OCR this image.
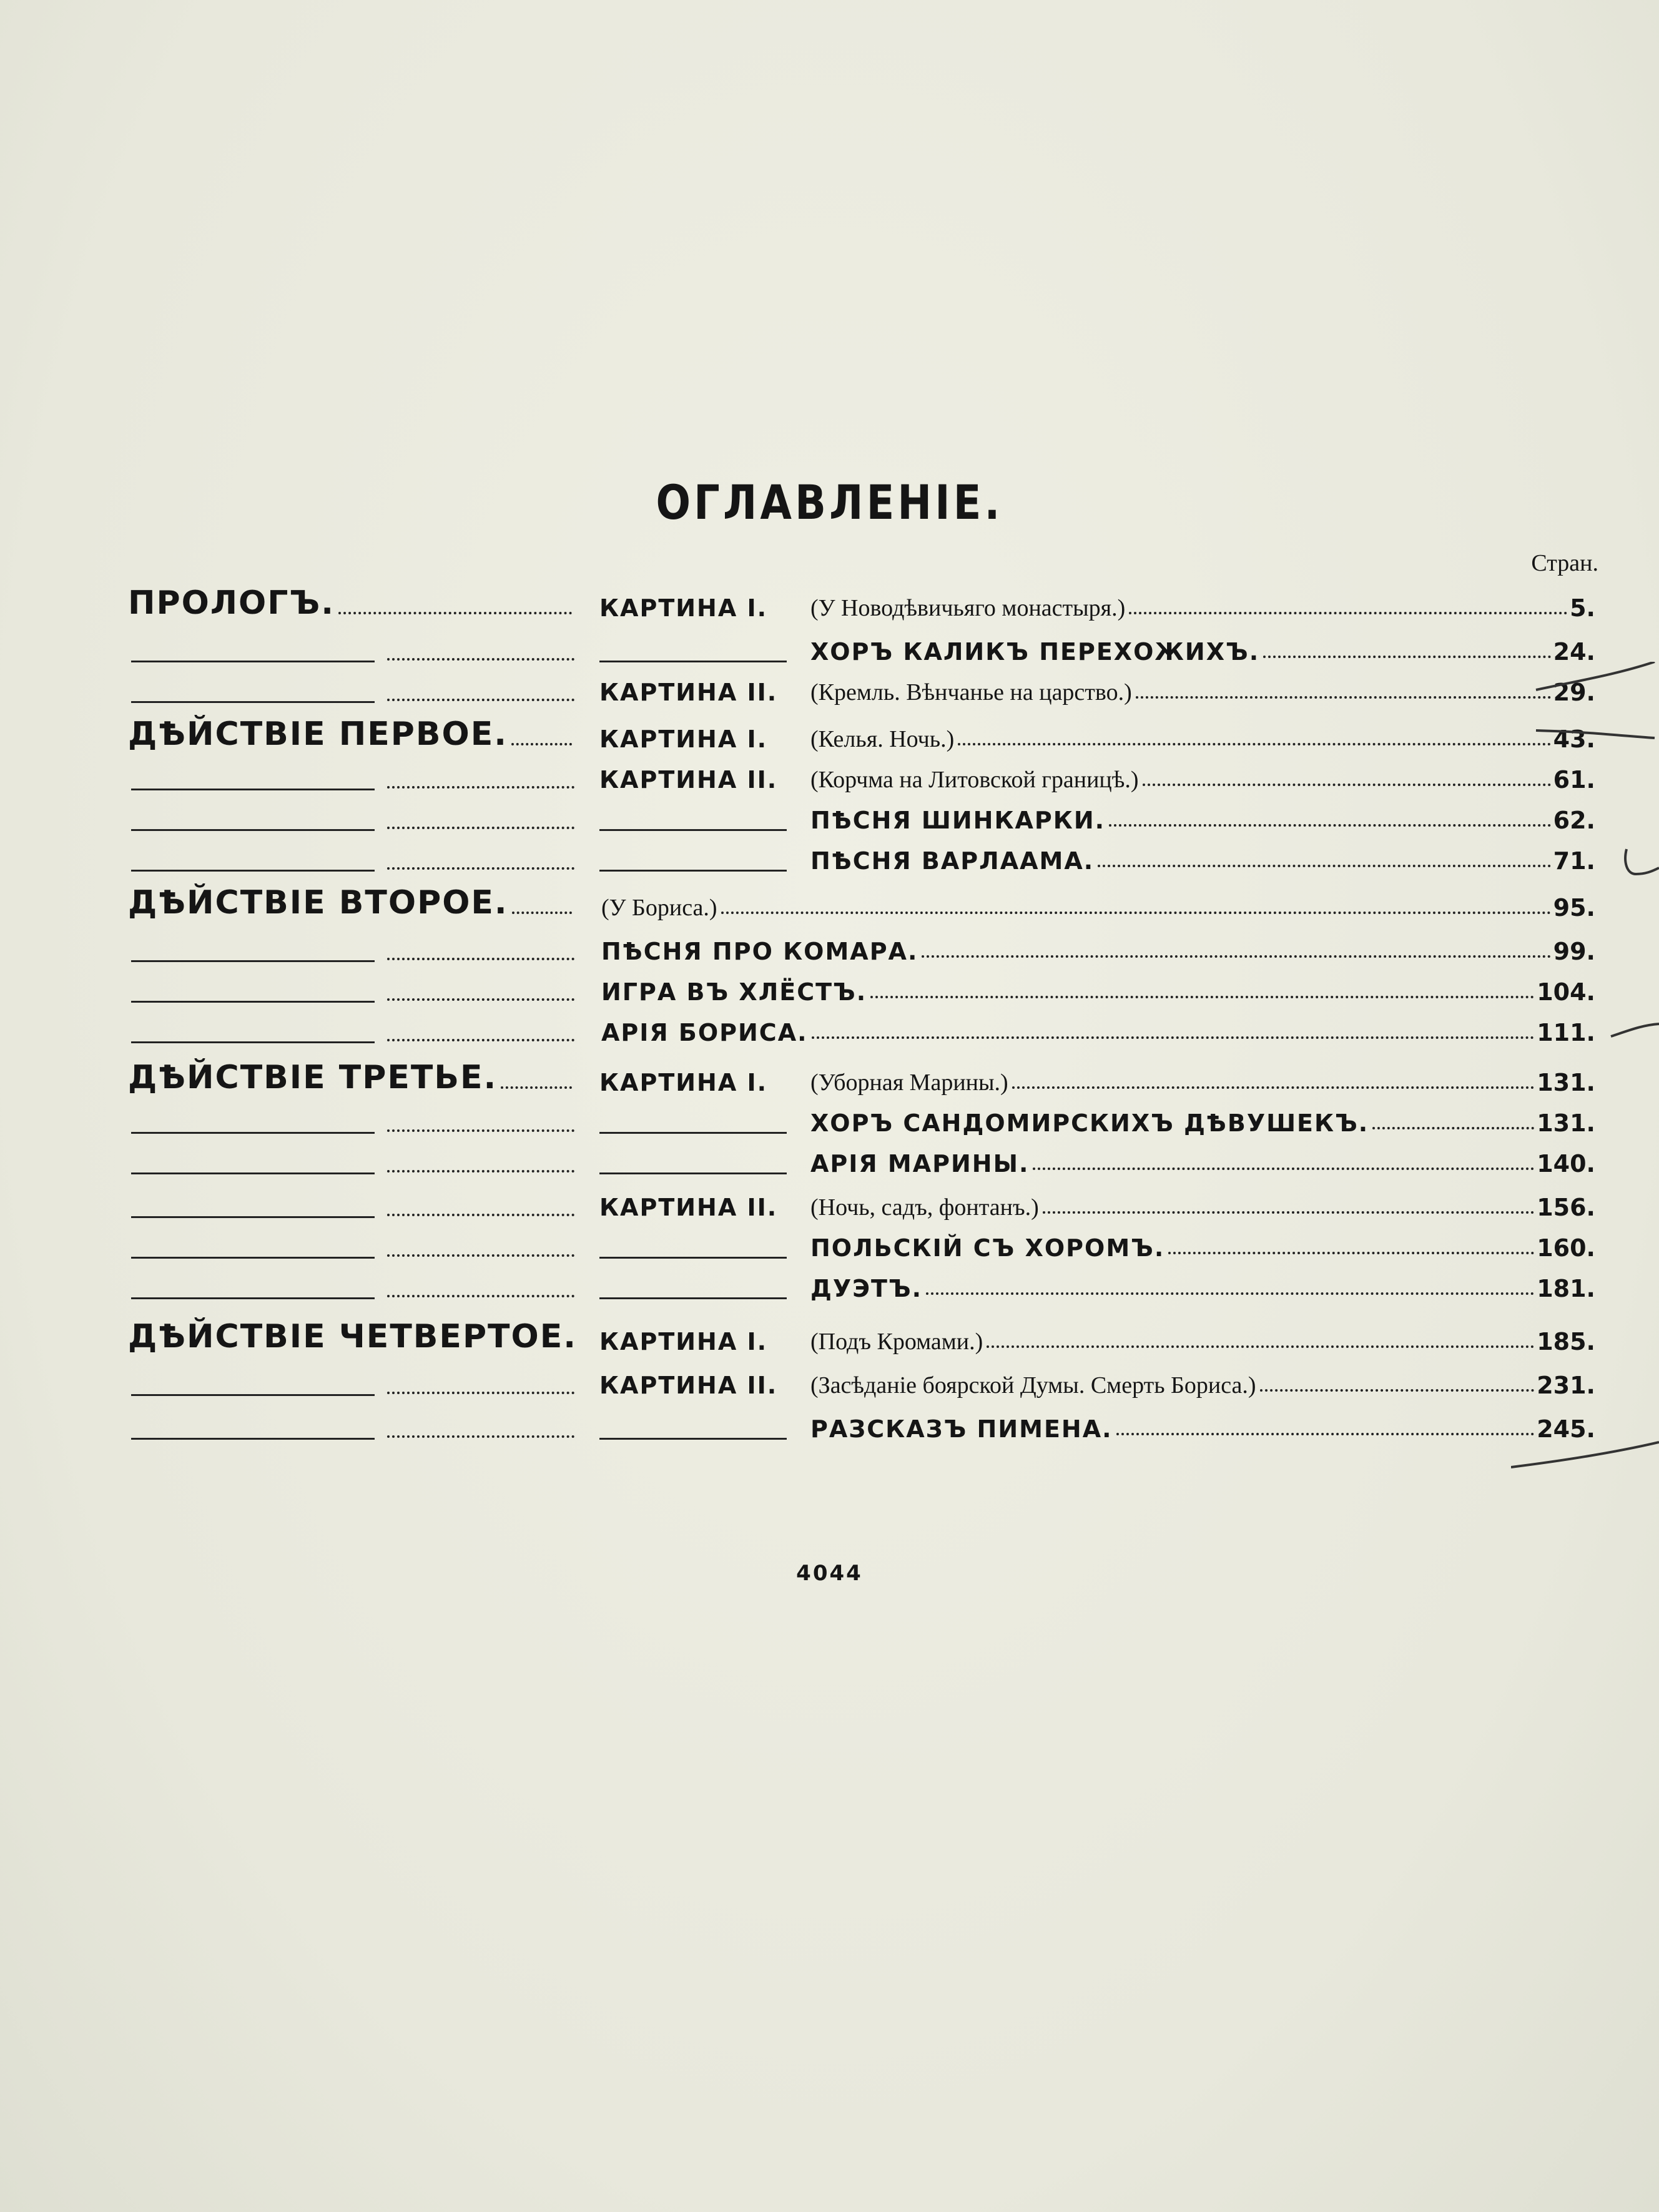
ОГЛАВЛЕНІЕ.
Стран.
ПРОЛОГЪ.	КАРТИНА I.	(У Новодѣвичьяго монастыря.)	5.
ХОРЪ КАЛИКЪ ПЕРЕХОЖИХЪ.	24.
КАРТИНА II.	(Кремль. Вѣнчанье на царство.)	29.
ДѢЙСТВІЕ ПЕРВОЕ.	КАРТИНА I.	(Келья. Ночь.)	43.
КАРТИНА II.	(Корчма на Литовской границѣ.)	61.
ПѢСНЯ ШИНКАРКИ.	62.
ПѢСНЯ ВАРЛААМА.	71.
ДѢЙСТВІЕ ВТОРОЕ.	(У Бориса.)	95.
ПѢСНЯ ПРО КОМАРА.	99.
ИГРА ВЪ ХЛЁСТЪ.	104.
АРІЯ БОРИСА.	111.
ДѢЙСТВІЕ ТРЕТЬЕ.	КАРТИНА I.	(Уборная Марины.)	131.
ХОРЪ САНДОМИРСКИХЪ ДѢВУШЕКЪ.	131.
АРІЯ МАРИНЫ.	140.
КАРТИНА II.	(Ночь, садъ, фонтанъ.)	156.
ПОЛЬСКІЙ СЪ ХОРОМЪ.	160.
ДУЭТЪ.	181.
ДѢЙСТВІЕ ЧЕТВЕРТОЕ. КАРТИНА I.	(Подъ Кромами.)	185.
КАРТИНА II.	(Засѣданіе боярской Думы. Смерть Бориса.)	231.
РАЗСКАЗЪ ПИМЕНА.	245.
4044
